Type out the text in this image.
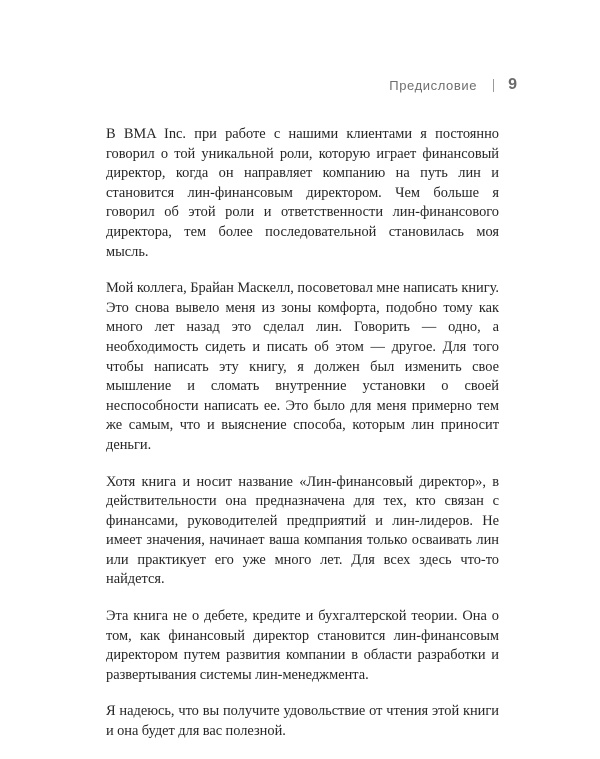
Предисловие 9

В BMA Inc. при работе с нашими клиентами я постоянно говорил о той уникальной роли, которую играет финансовый директор, когда он направляет компанию на путь лин и становится лин-финансовым директором. Чем больше я говорил об этой роли и ответственности лин-финансового директора, тем более последовательной становилась моя мысль.

Мой коллега, Брайан Маскелл, посоветовал мне написать книгу. Это снова вывело меня из зоны комфорта, подобно тому как много лет назад это сделал лин. Говорить — одно, а необходимость сидеть и писать об этом — другое. Для того чтобы написать эту книгу, я должен был изменить свое мышление и сломать внутренние установки о своей неспособности написать ее. Это было для меня примерно тем же самым, что и выяснение способа, которым лин приносит деньги.

Хотя книга и носит название «Лин-финансовый директор», в действительности она предназначена для тех, кто связан с финансами, руководителей предприятий и лин-лидеров. Не имеет значения, начинает ваша компания только осваивать лин или практикует его уже много лет. Для всех здесь что-то найдется.

Эта книга не о дебете, кредите и бухгалтерской теории. Она о том, как финансовый директор становится лин-финансовым директором путем развития компании в области разработки и развертывания системы лин-менеджмента.

Я надеюсь, что вы получите удовольствие от чтения этой книги и она будет для вас полезной.
